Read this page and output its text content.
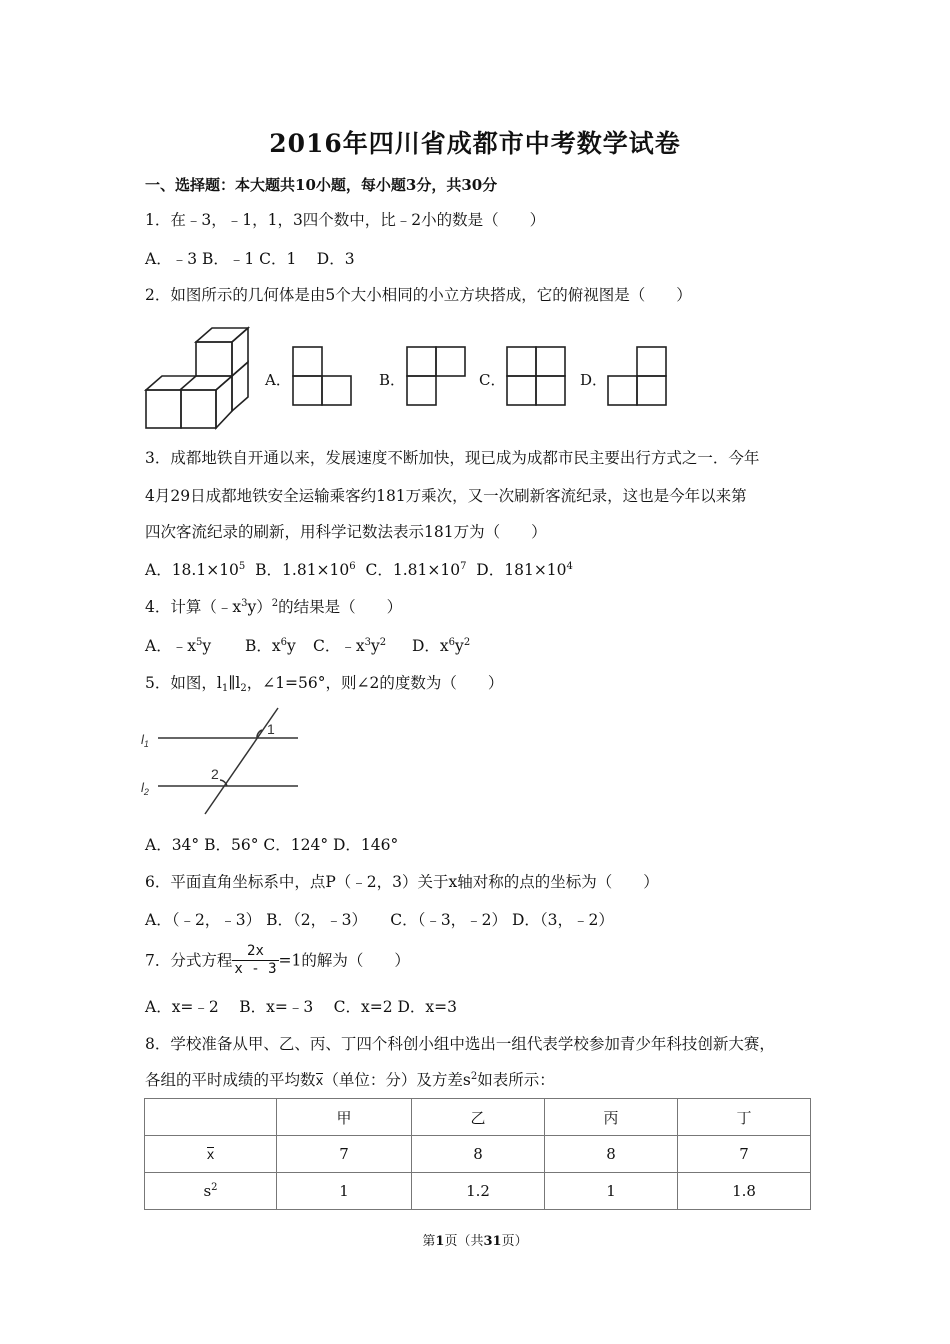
2016年四川省成都市中考数学试卷
一、选择题：本大题共10小题，每小题3分，共30分
1．在﹣3，﹣1，1，3四个数中，比﹣2小的数是（　　）
A．﹣3 B．﹣1 C．1　 D．3
2．如图所示的几何体是由5个大小相同的小立方块搭成，它的俯视图是（　　）
A．	B．	C．	D．
3．成都地铁自开通以来，发展速度不断加快，现已成为成都市民主要出行方式之一．今年
4月29日成都地铁安全运输乘客约181万乘次，又一次刷新客流纪录，这也是今年以来第
四次客流纪录的刷新，用科学记数法表示181万为（　　）
A．$18.1\times 10^5$  B．$1.81\times 10^6$  C．$1.81\times 10^7$  D．$181\times 10^4$
4．计算$(﹣x^3y)^2$的结果是（　　）
A．$﹣x^5y$ B．$x^6y$ C．$﹣x^3y^2$ D．$x^6y^2$
5．如图，$l_1\parallel l_2$，∠1=56°，则∠2的度数为（　　）
$l_1$
$l_2$
1
2
A．34° B．56° C．124° D．146°
6．平面直角坐标系中，点P（﹣2，3）关于x轴对称的点的坐标为（　　）
A．（﹣2，﹣3） B．（2，﹣3）　　C．（﹣3，﹣2） D．（3，﹣2）
7．分式方程 $\frac{2x}{x - 3} =1$的解为（　　）
A．x=﹣2　 B．x=﹣3　 C．x=2 D．x=3
8．学校准备从甲、乙、丙、丁四个科创小组中选出一组代表学校参加青少年科技创新大赛，
各组的平时成绩的平均数x（单位：分）及方差$s^2$如表所示：
	甲	乙	丙	丁
x	7	8	8	7
$s^2$	1	1.2	1	1.8
第1页（共31页）
